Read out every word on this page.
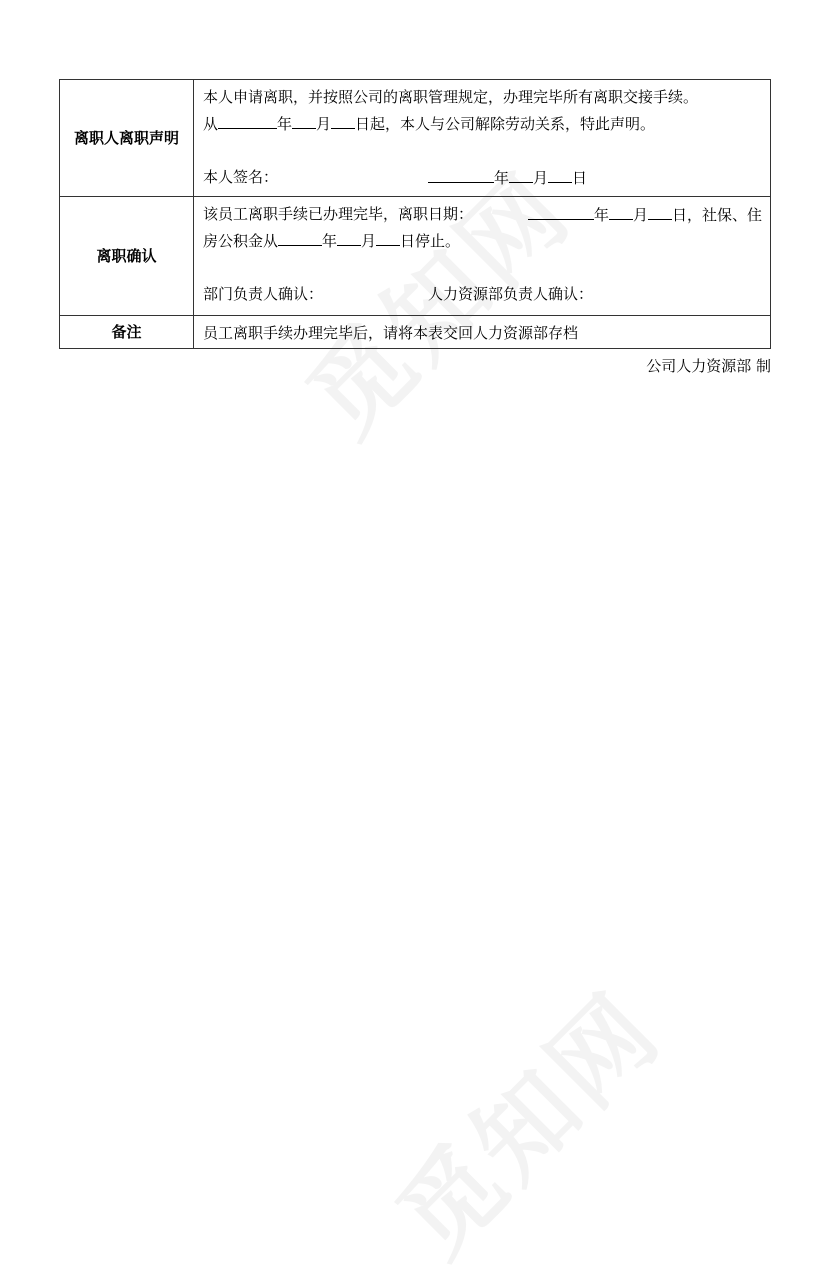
离职人离职声明	本人申请离职，并按照公司的离职管理规定，办理完毕所有离职交接手续。
从 年 月 日起，本人与公司解除劳动关系，特此声明。
本人签名： 年 月 日

离职确认	该员工离职手续已办理完毕，离职日期： 年 月 日，社保、住
房公积金从 年 月 日停止。
部门负责人确认： 人力资源部负责人确认：

备注	员工离职手续办理完毕后，请将本表交回人力资源部存档
公司人力资源部 制
